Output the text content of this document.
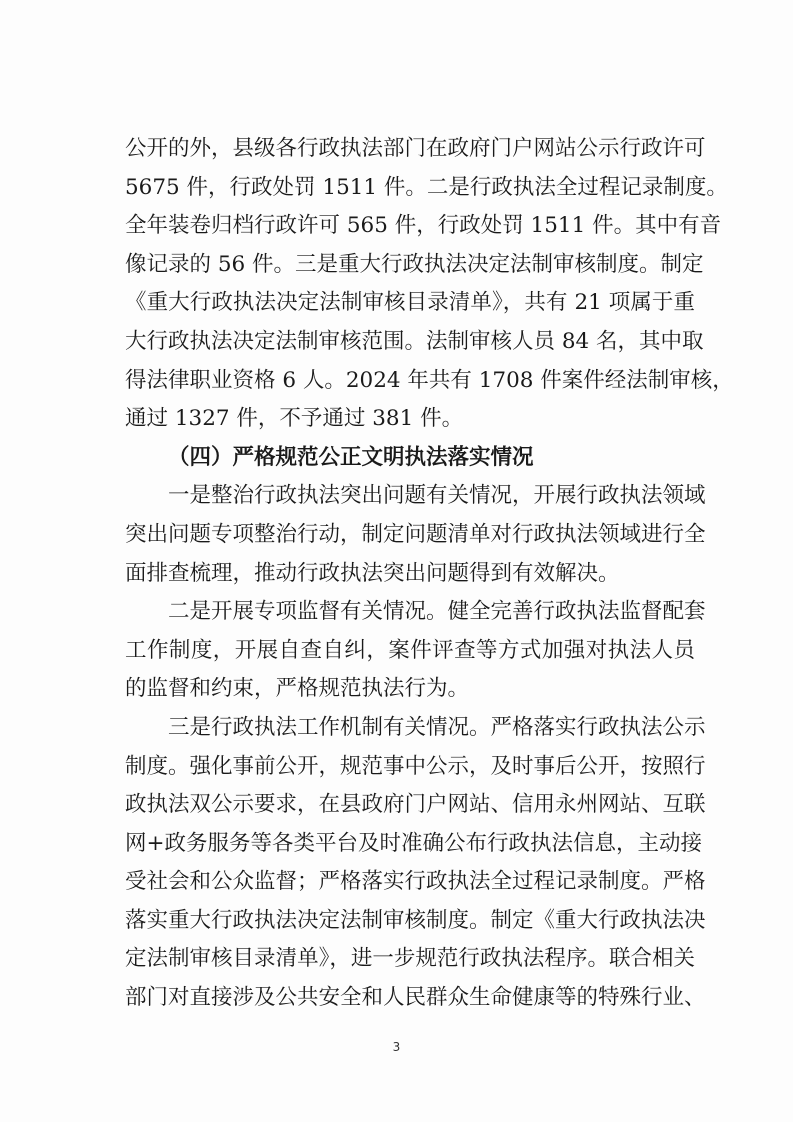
公开的外，县级各行政执法部门在政府门户网站公示行政许可
5675 件，行政处罚 1511 件。二是行政执法全过程记录制度。
全年装卷归档行政许可 565 件，行政处罚 1511 件。其中有音
像记录的 56 件。三是重大行政执法决定法制审核制度。制定
《重大行政执法决定法制审核目录清单》，共有 21 项属于重
大行政执法决定法制审核范围。法制审核人员 84 名，其中取
得法律职业资格 6 人。2024 年共有 1708 件案件经法制审核，
通过 1327 件，不予通过 381 件。
（四）严格规范公正文明执法落实情况
一是整治行政执法突出问题有关情况，开展行政执法领域
突出问题专项整治行动，制定问题清单对行政执法领域进行全
面排查梳理，推动行政执法突出问题得到有效解决。
二是开展专项监督有关情况。健全完善行政执法监督配套
工作制度，开展自查自纠，案件评查等方式加强对执法人员
的监督和约束，严格规范执法行为。
三是行政执法工作机制有关情况。严格落实行政执法公示
制度。强化事前公开，规范事中公示，及时事后公开，按照行
政执法双公示要求，在县政府门户网站、信用永州网站、互联
网+政务服务等各类平台及时准确公布行政执法信息，主动接
受社会和公众监督；严格落实行政执法全过程记录制度。严格
落实重大行政执法决定法制审核制度。制定《重大行政执法决
定法制审核目录清单》，进一步规范行政执法程序。联合相关
部门对直接涉及公共安全和人民群众生命健康等的特殊行业、
3
